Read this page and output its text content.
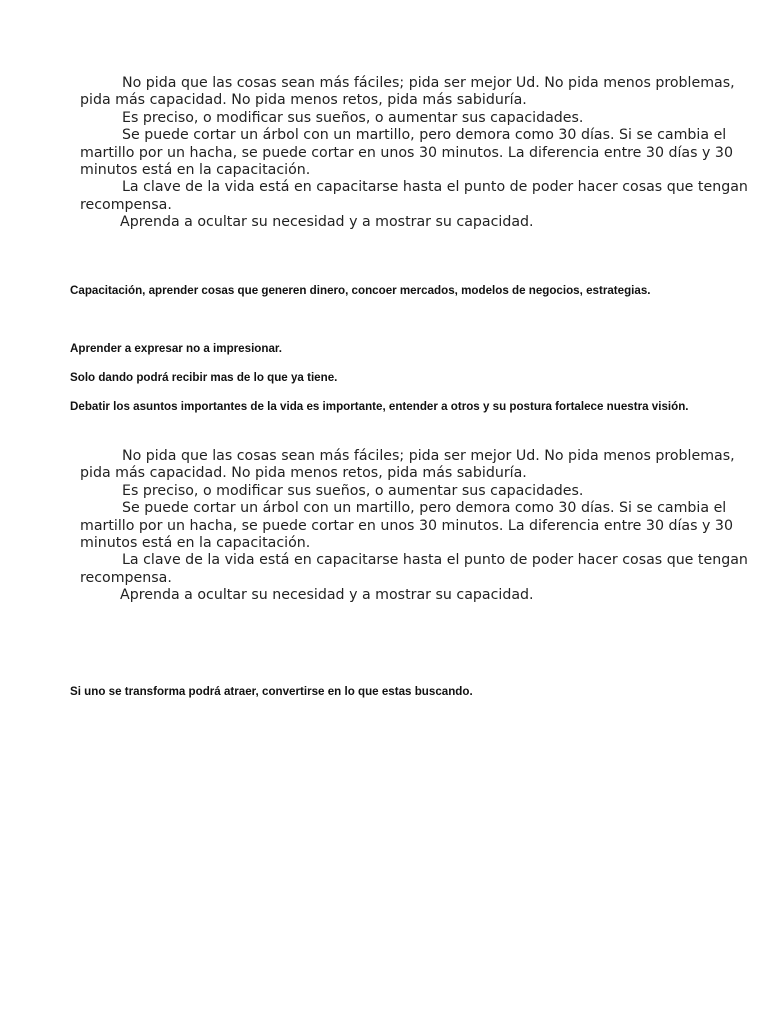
No pida que las cosas sean más fáciles; pida ser mejor Ud. No pida menos problemas,
pida más capacidad. No pida menos retos, pida más sabiduría.
Es preciso, o modificar sus sueños, o aumentar sus capacidades.
Se puede cortar un árbol con un martillo, pero demora como 30 días. Si se cambia el
martillo por un hacha, se puede cortar en unos 30 minutos. La diferencia entre 30 días y 30
minutos está en la capacitación.
La clave de la vida está en capacitarse hasta el punto de poder hacer cosas que tengan
recompensa.
Aprenda a ocultar su necesidad y a mostrar su capacidad.

Capacitación, aprender cosas que generen dinero, concoer mercados, modelos de negocios, estrategias.

Aprender a expresar no a impresionar.

Solo dando podrá recibir mas de lo que ya tiene.

Debatir los asuntos importantes de la vida es importante, entender a otros y su postura fortalece nuestra visión.

No pida que las cosas sean más fáciles; pida ser mejor Ud. No pida menos problemas,
pida más capacidad. No pida menos retos, pida más sabiduría.
Es preciso, o modificar sus sueños, o aumentar sus capacidades.
Se puede cortar un árbol con un martillo, pero demora como 30 días. Si se cambia el
martillo por un hacha, se puede cortar en unos 30 minutos. La diferencia entre 30 días y 30
minutos está en la capacitación.
La clave de la vida está en capacitarse hasta el punto de poder hacer cosas que tengan
recompensa.
Aprenda a ocultar su necesidad y a mostrar su capacidad.

Si uno se transforma podrá atraer, convertirse en lo que estas buscando.
